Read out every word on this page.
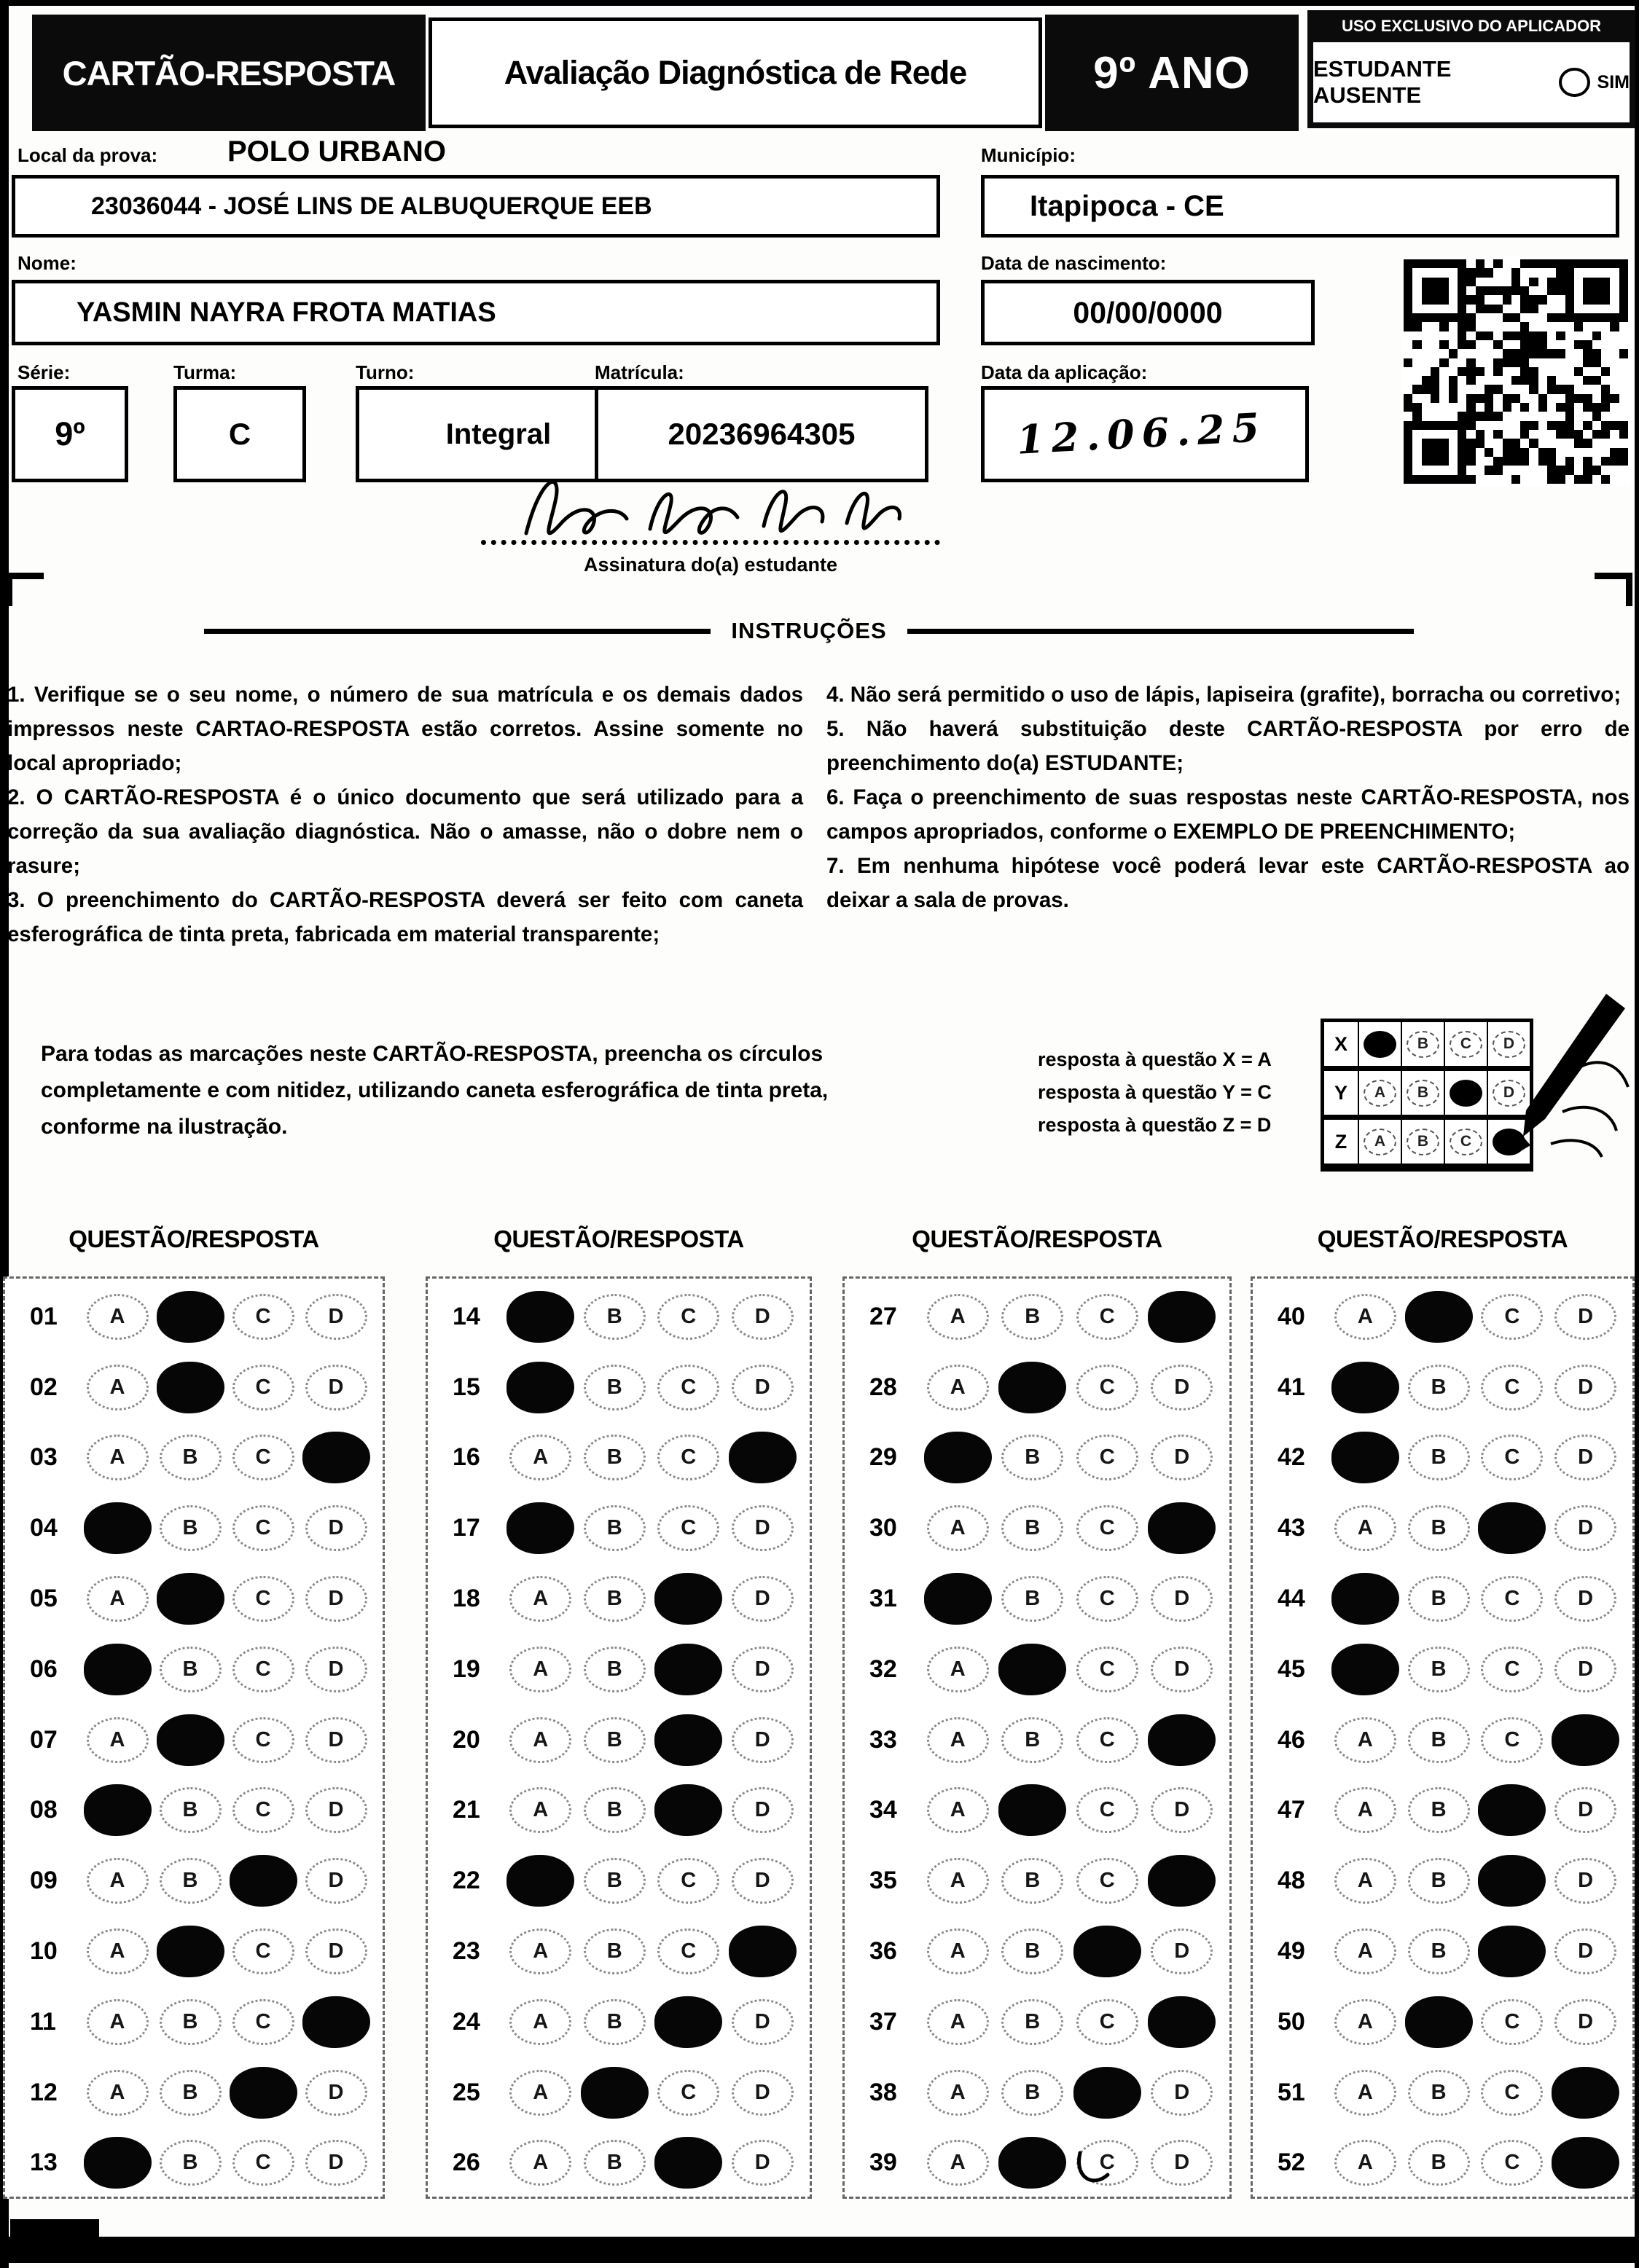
CARTÃO-RESPOSTA	Avaliação Diagnóstica de Rede	9º ANO
USO EXCLUSIVO DO APLICADOR
ESTUDANTE AUSENTE
SIM
Local da prova: POLO URBANO	Município:
23036044 - JOSÉ LINS DE ALBUQUERQUE EEB	Itapipoca - CE
Nome:	Data de nascimento:
YASMIN NAYRA FROTA MATIAS	00/00/0000
Série:	Turma:	Turno:	Matrícula:	Data da aplicação:
9º	C	Integral	20236964305	12.06.25
Assinatura do(a) estudante
INSTRUÇÕES

1. Verifique se o seu nome, o número de sua matrícula e os demais dados impressos neste CARTAO-RESPOSTA estão corretos. Assine somente no local apropriado;

2. O CARTÃO-RESPOSTA é o único documento que será utilizado para a correção da sua avaliação diagnóstica. Não o amasse, não o dobre nem o rasure;

3. O preenchimento do CARTÃO-RESPOSTA deverá ser feito com caneta esferográfica de tinta preta, fabricada em material transparente;

4. Não será permitido o uso de lápis, lapiseira (grafite), borracha ou corretivo;

5. Não haverá substituição deste CARTÃO-RESPOSTA por erro de preenchimento do(a) ESTUDANTE;

6. Faça o preenchimento de suas respostas neste CARTÃO-RESPOSTA, nos campos apropriados, conforme o EXEMPLO DE PREENCHIMENTO;

7. Em nenhuma hipótese você poderá levar este CARTÃO-RESPOSTA ao deixar a sala de provas.

Para todas as marcações neste CARTÃO-RESPOSTA, preencha os círculos completamente e com nitidez, utilizando caneta esferográfica de tinta preta, conforme na ilustração.
resposta à questão X = A
resposta à questão Y = C
resposta à questão Z = D
X	B	C	D
Y	A	B	D
Z	A	B	C
QUESTÃO/RESPOSTA	QUESTÃO/RESPOSTA	QUESTÃO/RESPOSTA	QUESTÃO/RESPOSTA
01	A	C	D
02	A	C	D
03	A	B	C
04	B	C	D
05	A	C	D
06	B	C	D
07	A	C	D
08	B	C	D
09	A	B	D
10	A	C	D
11	A	B	C
12	A	B	D
13	B	C	D
14	B	C	D
15	B	C	D
16	A	B	C
17	B	C	D
18	A	B	D
19	A	B	D
20	A	B	D
21	A	B	D
22	B	C	D
23	A	B	C
24	A	B	D
25	A	C	D
26	A	B	D
27	A	B	C
28	A	C	D
29	B	C	D
30	A	B	C
31	B	C	D
32	A	C	D
33	A	B	C
34	A	C	D
35	A	B	C
36	A	B	D
37	A	B	C
38	A	B	D
39	A	C	D
40	A	C	D
41	B	C	D
42	B	C	D
43	A	B	D
44	B	C	D
45	B	C	D
46	A	B	C
47	A	B	D
48	A	B	D
49	A	B	D
50	A	C	D
51	A	B	C
52	A	B	C
